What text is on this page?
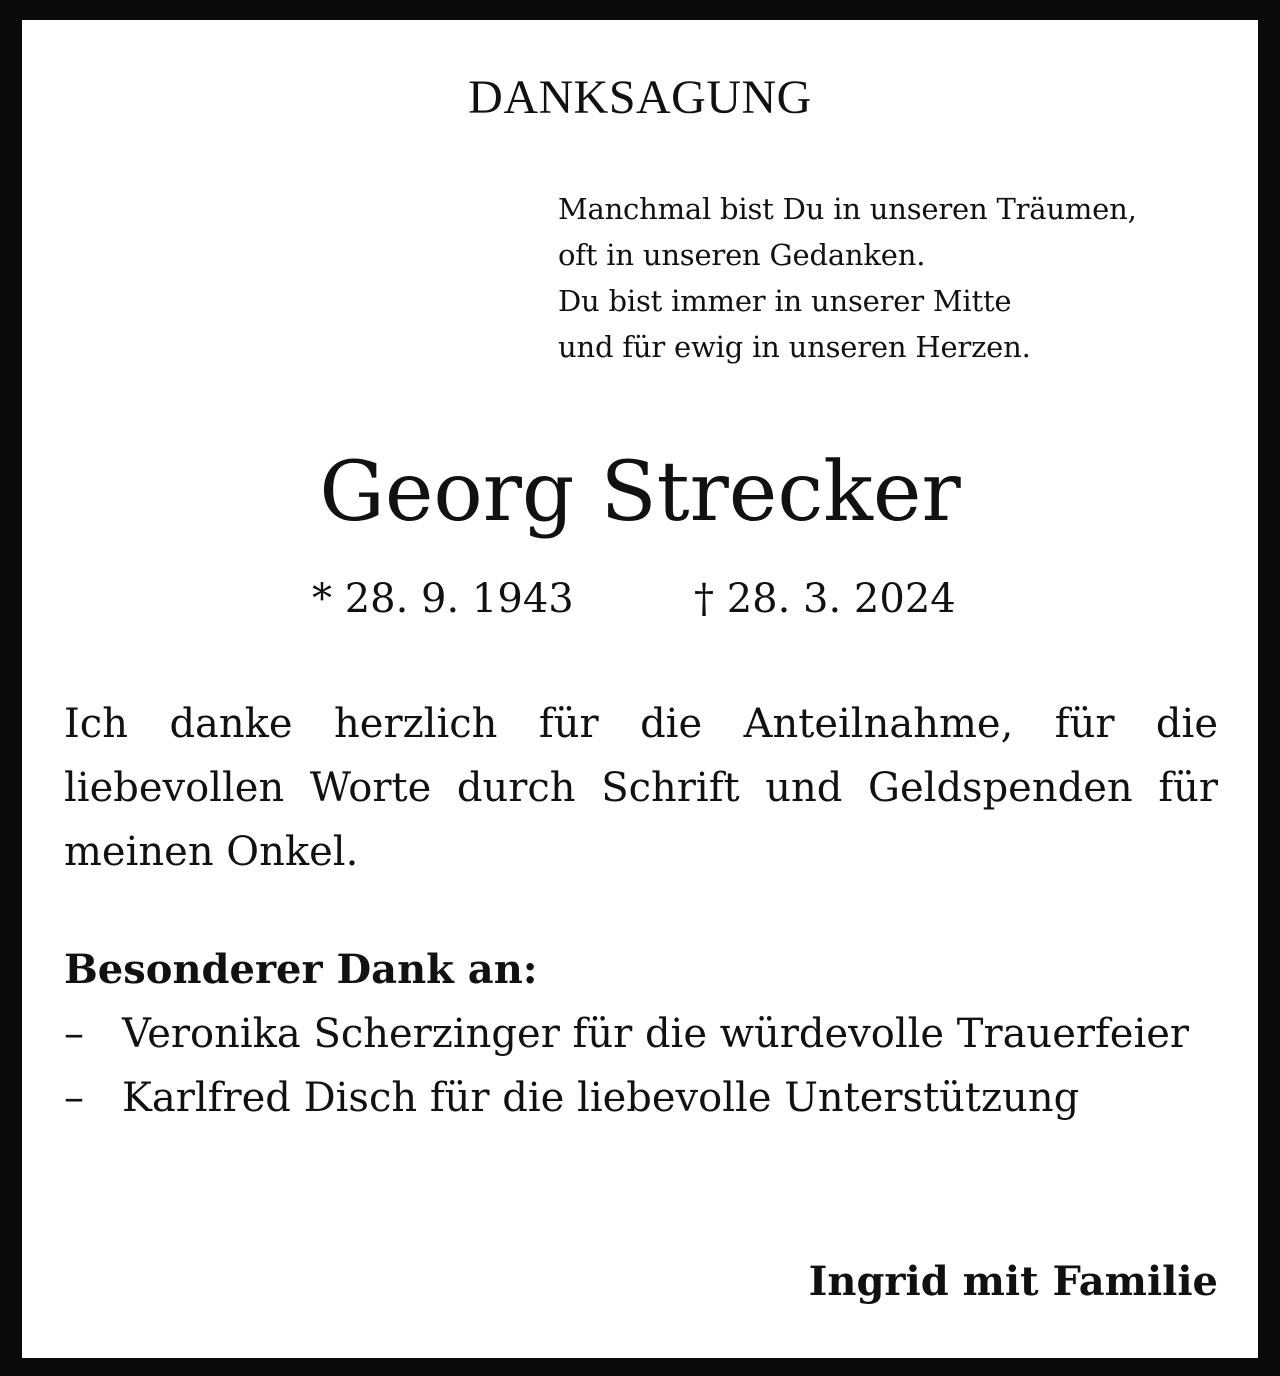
DANKSAGUNG
Manchmal bist Du in unseren Träumen,
oft in unseren Gedanken.
Du bist immer in unserer Mitte
und für ewig in unseren Herzen.
Georg Strecker
* 28. 9. 1943	† 28. 3. 2024
Ich danke herzlich für die Anteilnahme, für die liebevollen Worte durch Schrift und Geldspenden für meinen Onkel.
Besonderer Dank an:
– Veronika Scherzinger für die würdevolle Trauerfeier
– Karlfred Disch für die liebevolle Unterstützung
Ingrid mit Familie
